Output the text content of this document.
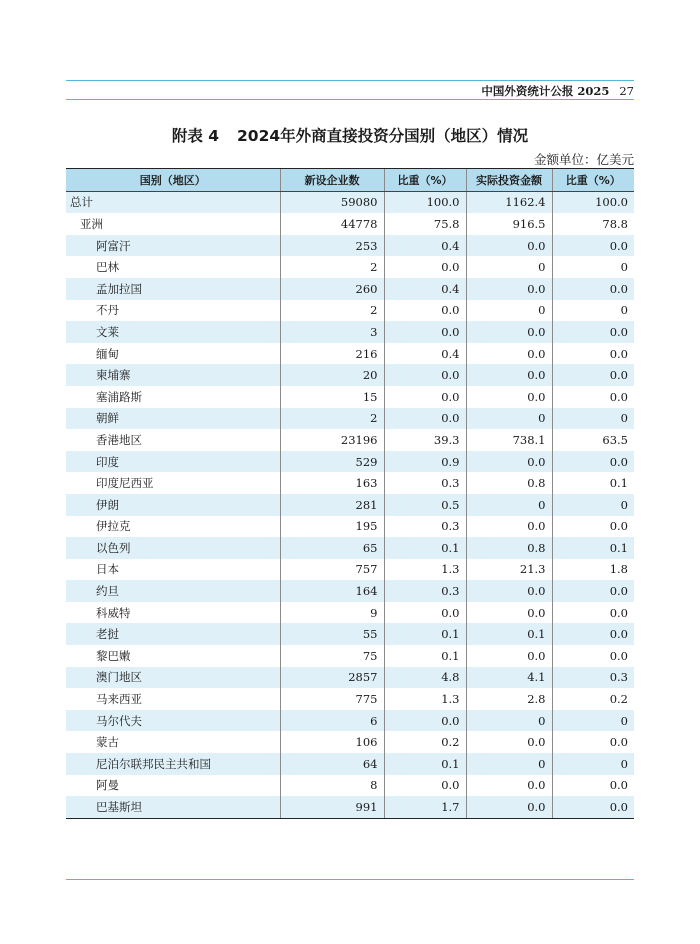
中国外资统计公报 2025 27
附表 4 2024年外商直接投资分国别（地区）情况
金额单位：亿美元
国别（地区）	新设企业数	比重（%）	实际投资金额	比重（%）
总计	59080	100.0	1162.4	100.0
亚洲	44778	75.8	916.5	78.8
阿富汗	253	0.4	0.0	0.0
巴林	2	0.0	0	0
孟加拉国	260	0.4	0.0	0.0
不丹	2	0.0	0	0
文莱	3	0.0	0.0	0.0
缅甸	216	0.4	0.0	0.0
柬埔寨	20	0.0	0.0	0.0
塞浦路斯	15	0.0	0.0	0.0
朝鲜	2	0.0	0	0
香港地区	23196	39.3	738.1	63.5
印度	529	0.9	0.0	0.0
印度尼西亚	163	0.3	0.8	0.1
伊朗	281	0.5	0	0
伊拉克	195	0.3	0.0	0.0
以色列	65	0.1	0.8	0.1
日本	757	1.3	21.3	1.8
约旦	164	0.3	0.0	0.0
科威特	9	0.0	0.0	0.0
老挝	55	0.1	0.1	0.0
黎巴嫩	75	0.1	0.0	0.0
澳门地区	2857	4.8	4.1	0.3
马来西亚	775	1.3	2.8	0.2
马尔代夫	6	0.0	0	0
蒙古	106	0.2	0.0	0.0
尼泊尔联邦民主共和国	64	0.1	0	0
阿曼	8	0.0	0.0	0.0
巴基斯坦	991	1.7	0.0	0.0
